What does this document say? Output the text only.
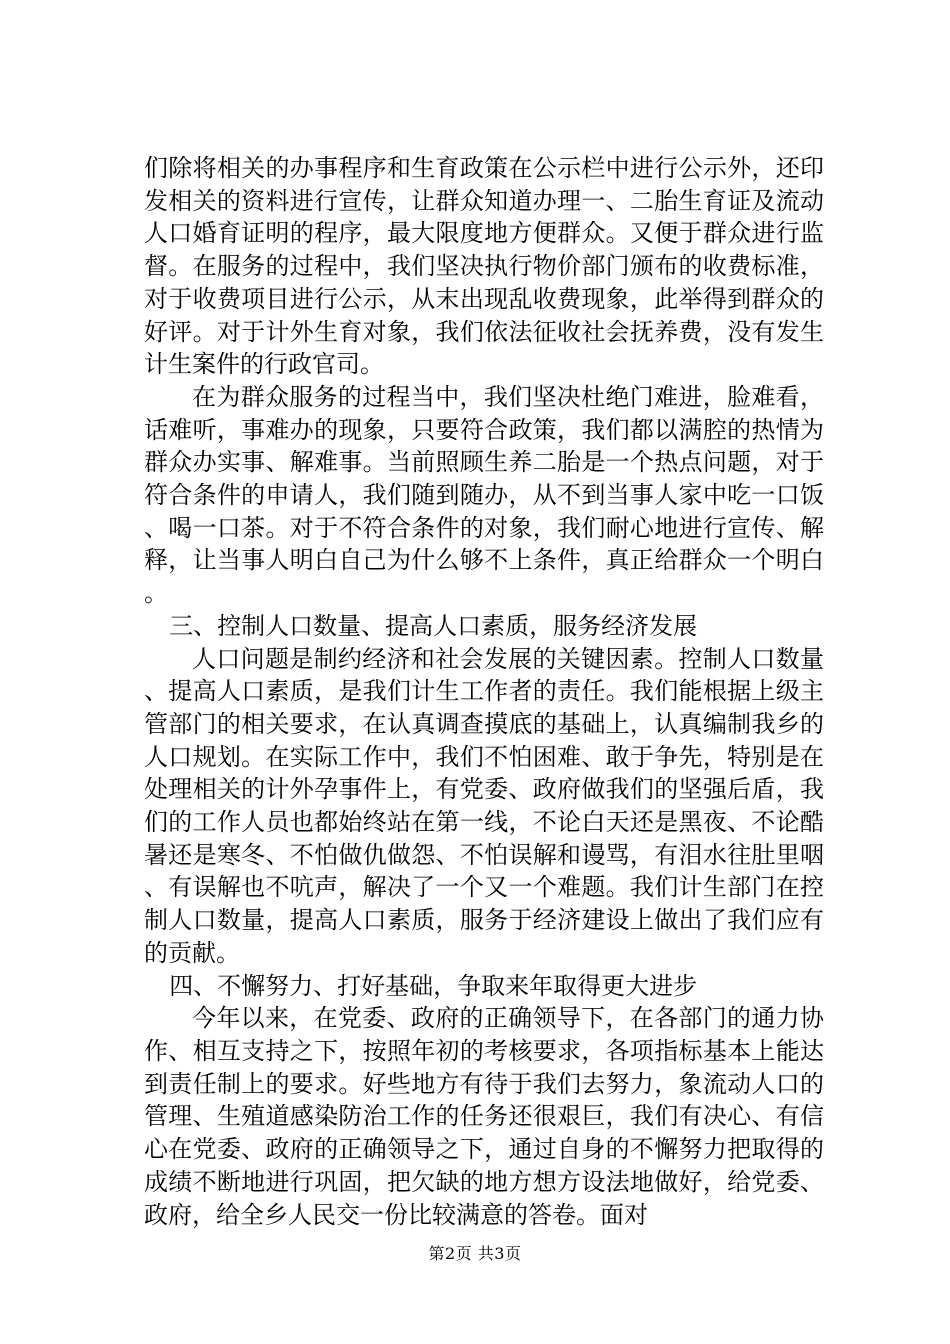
们除将相关的办事程序和生育政策在公示栏中进行公示外，还印发相关的资料进行宣传，让群众知道办理一、二胎生育证及流动人口婚育证明的程序，最大限度地方便群众。又便于群众进行监督。在服务的过程中，我们坚决执行物价部门颁布的收费标准，对于收费项目进行公示，从末出现乱收费现象，此举得到群众的好评。对于计外生育对象，我们依法征收社会抚养费，没有发生计生案件的行政官司。

在为群众服务的过程当中，我们坚决杜绝门难进，脸难看，话难听，事难办的现象，只要符合政策，我们都以满腔的热情为群众办实事、解难事。当前照顾生养二胎是一个热点问题，对于符合条件的申请人，我们随到随办，从不到当事人家中吃一口饭、喝一口茶。对于不符合条件的对象，我们耐心地进行宣传、解释，让当事人明白自己为什么够不上条件，真正给群众一个明白。

三、控制人口数量、提高人口素质，服务经济发展

人口问题是制约经济和社会发展的关键因素。控制人口数量、提高人口素质，是我们计生工作者的责任。我们能根据上级主管部门的相关要求，在认真调查摸底的基础上，认真编制我乡的人口规划。在实际工作中，我们不怕困难、敢于争先，特别是在处理相关的计外孕事件上，有党委、政府做我们的坚强后盾，我们的工作人员也都始终站在第一线，不论白天还是黑夜、不论酷暑还是寒冬、不怕做仇做怨、不怕误解和谩骂，有泪水往肚里咽、有误解也不吭声，解决了一个又一个难题。我们计生部门在控制人口数量，提高人口素质，服务于经济建设上做出了我们应有的贡献。

四、不懈努力、打好基础，争取来年取得更大进步

今年以来，在党委、政府的正确领导下，在各部门的通力协作、相互支持之下，按照年初的考核要求，各项指标基本上能达到责任制上的要求。好些地方有待于我们去努力，象流动人口的管理、生殖道感染防治工作的任务还很艰巨，我们有决心、有信心在党委、政府的正确领导之下，通过自身的不懈努力把取得的成绩不断地进行巩固，把欠缺的地方想方设法地做好，给党委、政府，给全乡人民交一份比较满意的答卷。面对

第2页 共3页
